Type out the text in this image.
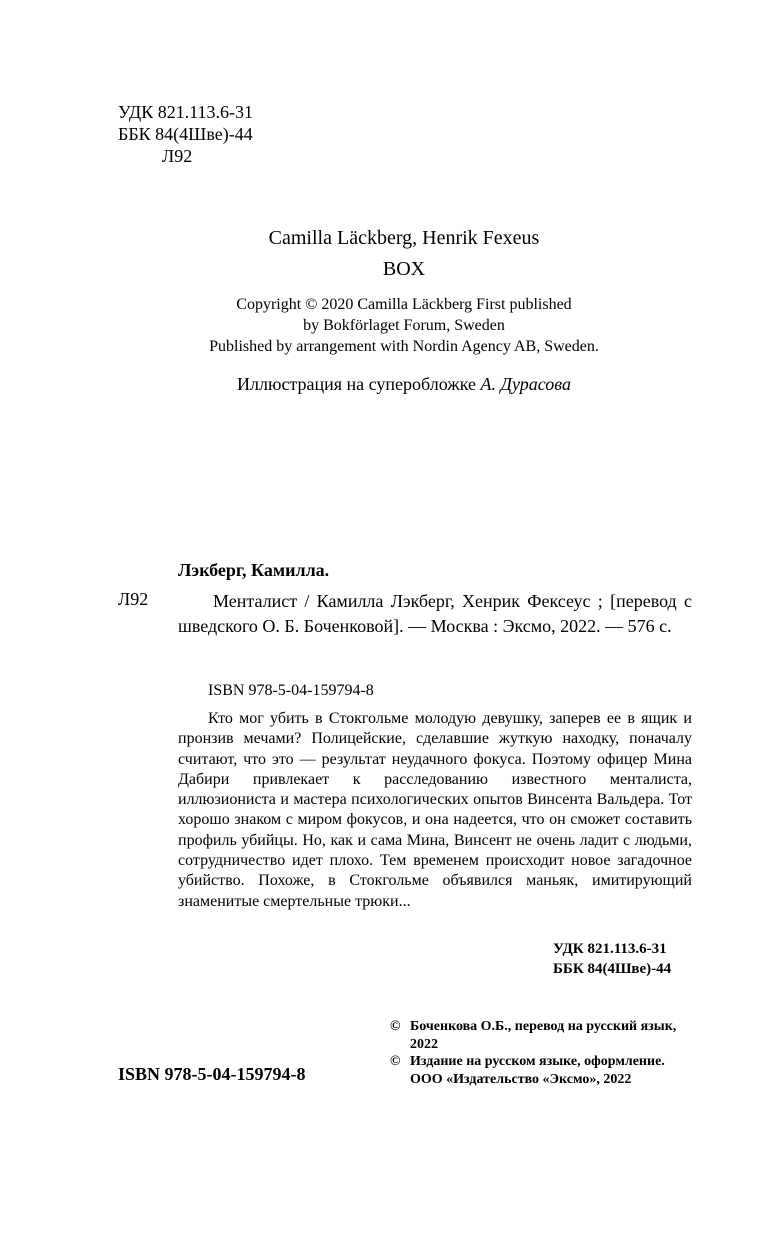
УДК 821.113.6-31
ББК 84(4Шве)-44
Л92
Camilla Läckberg, Henrik Fexeus
BOX
Copyright © 2020 Camilla Läckberg First published
by Bokförlaget Forum, Sweden
Published by arrangement with Nordin Agency AB, Sweden.
Иллюстрация на суперобложке А. Дурасова
Лэкберг, Камилла.
Л92	Менталист / Камилла Лэкберг, Хенрик Фексеус ; [перевод с шведского О. Б. Боченковой]. — Москва : Эксмо, 2022. — 576 с.
ISBN 978-5-04-159794-8
Кто мог убить в Стокгольме молодую девушку, заперев ее в ящик и пронзив мечами? Полицейские, сделавшие жуткую находку, поначалу считают, что это — результат неудачного фокуса. Поэтому офицер Мина Дабири привлекает к расследованию известного менталиста, иллюзиониста и мастера психологических опытов Винсента Вальдера. Тот хорошо знаком с миром фокусов, и она надеется, что он сможет составить профиль убийцы. Но, как и сама Мина, Винсент не очень ладит с людьми, сотрудничество идет плохо. Тем временем происходит новое загадочное убийство. Похоже, в Стокгольме объявился маньяк, имитирующий знаменитые смертельные трюки...
УДК 821.113.6-31
ББК 84(4Шве)-44
© Боченкова О.Б., перевод на русский язык, 2022
© Издание на русском языке, оформление. ООО «Издательство «Эксмо», 2022
ISBN 978-5-04-159794-8
